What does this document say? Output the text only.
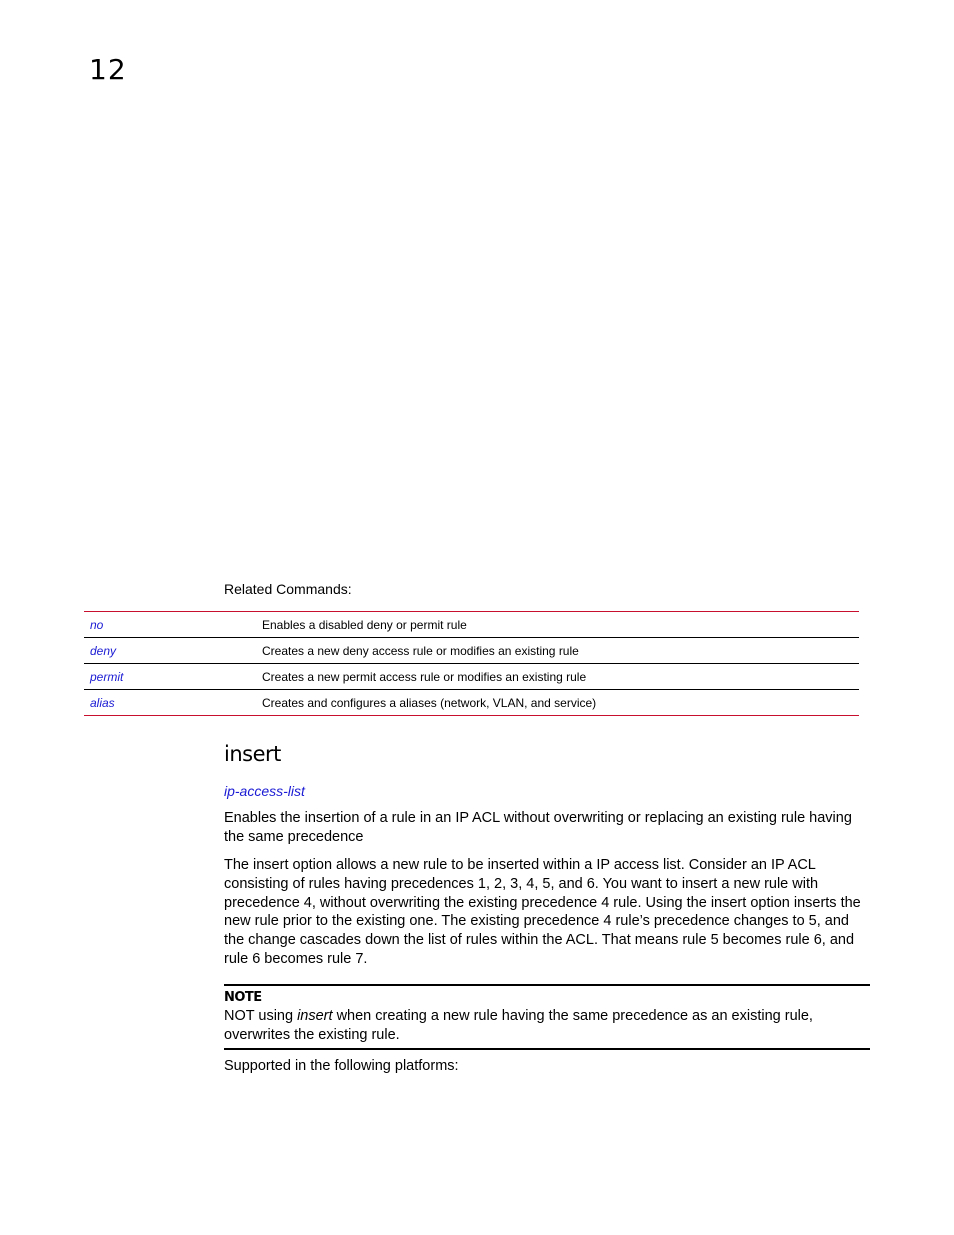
12
Related Commands:
no	Enables a disabled deny or permit rule
deny	Creates a new deny access rule or modifies an existing rule
permit	Creates a new permit access rule or modifies an existing rule
alias	Creates and configures a aliases (network, VLAN, and service)
insert
ip-access-list

Enables the insertion of a rule in an IP ACL without overwriting or replacing an existing rule having the same precedence

The insert option allows a new rule to be inserted within a IP access list. Consider an IP ACL consisting of rules having precedences 1, 2, 3, 4, 5, and 6. You want to insert a new rule with precedence 4, without overwriting the existing precedence 4 rule. Using the insert option inserts the new rule prior to the existing one. The existing precedence 4 rule’s precedence changes to 5, and the change cascades down the list of rules within the ACL. That means rule 5 becomes rule 6, and rule 6 becomes rule 7.

NOTE
NOT using insert when creating a new rule having the same precedence as an existing rule, overwrites the existing rule.
Supported in the following platforms:
